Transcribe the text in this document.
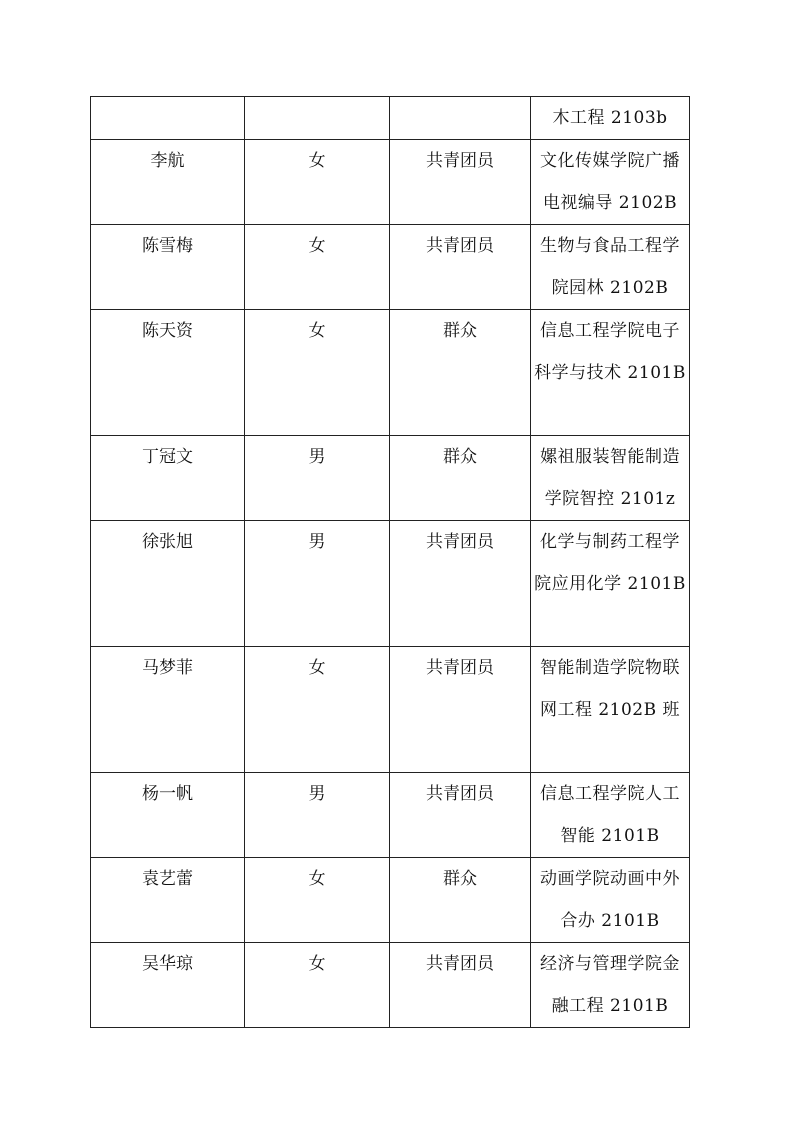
			木工程 2103b
李航	女	共青团员	文化传媒学院广播电视编导 2102B
陈雪梅	女	共青团员	生物与食品工程学院园林 2102B
陈天资	女	群众	信息工程学院电子科学与技术 2101B
丁冠文	男	群众	嫘祖服装智能制造学院智控 2101z
徐张旭	男	共青团员	化学与制药工程学院应用化学 2101B
马梦菲	女	共青团员	智能制造学院物联网工程 2102B 班
杨一帆	男	共青团员	信息工程学院人工智能 2101B
袁艺蕾	女	群众	动画学院动画中外合办 2101B
吴华琼	女	共青团员	经济与管理学院金融工程 2101B
